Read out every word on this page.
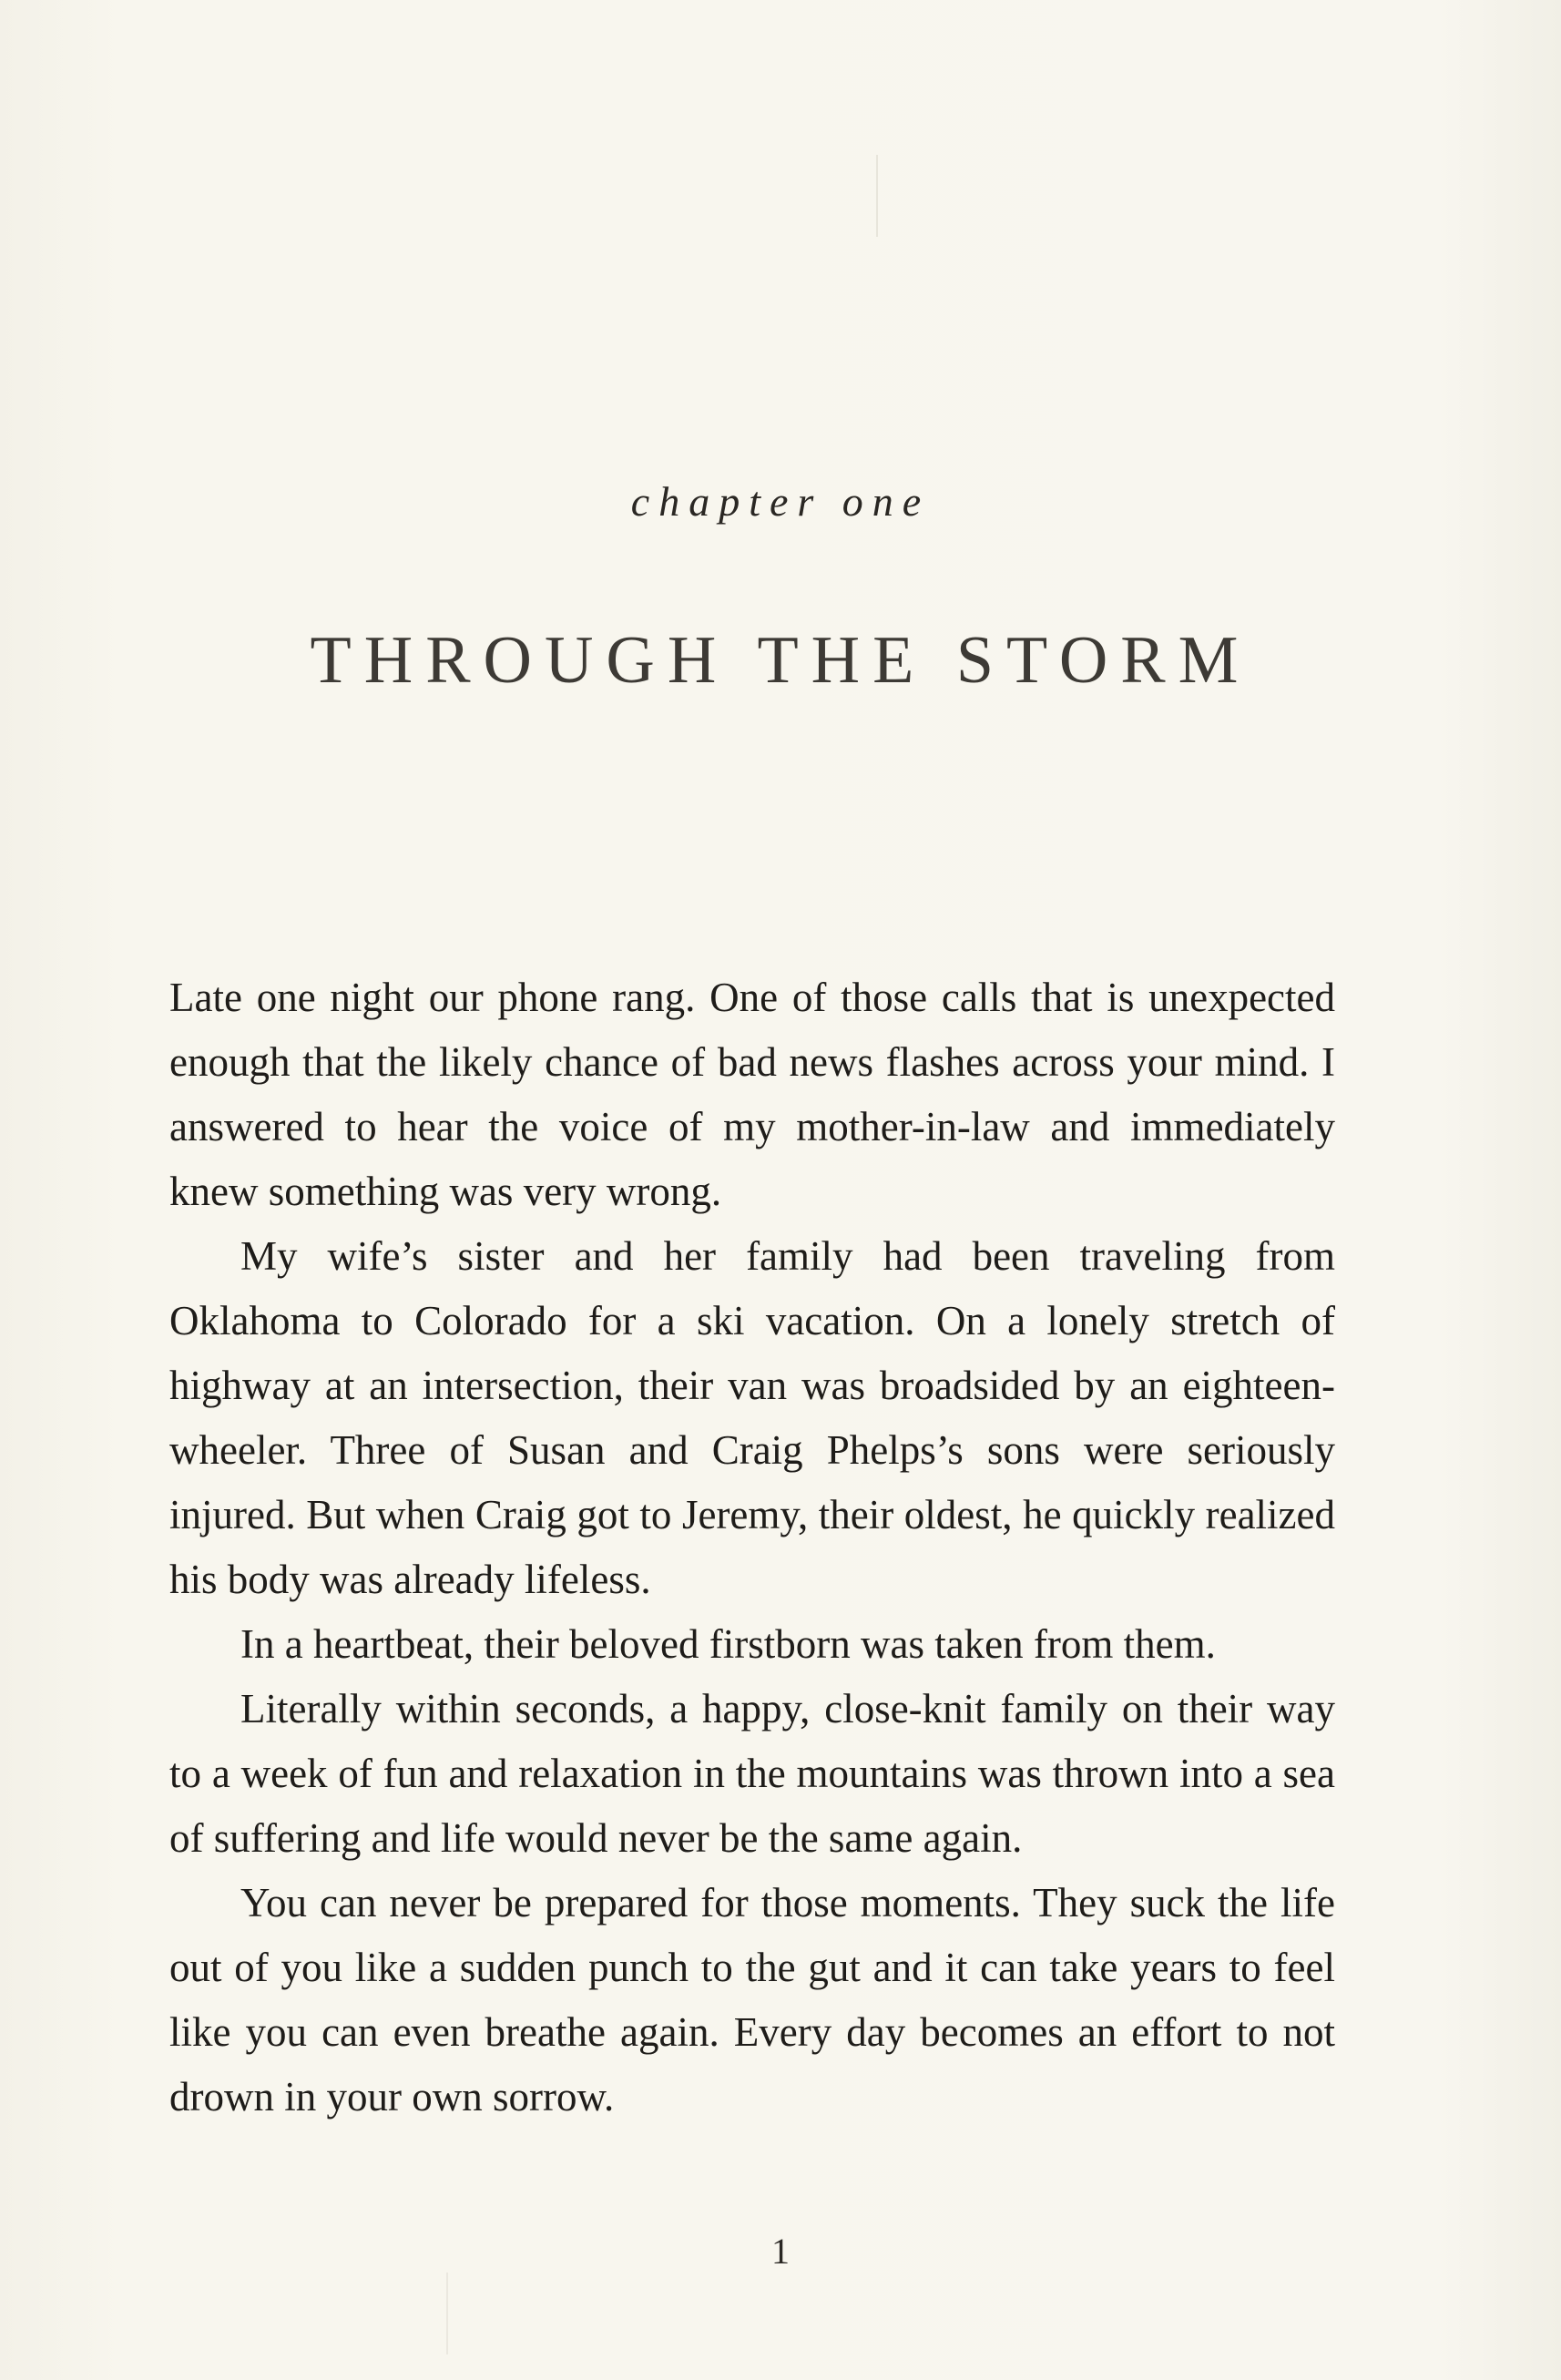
chapter one
THROUGH THE STORM

Late one night our phone rang. One of those calls that is unexpected enough that the likely chance of bad news flashes across your mind. I answered to hear the voice of my mother-in-law and immediately knew something was very wrong.

My wife’s sister and her family had been traveling from Oklahoma to Colorado for a ski vacation. On a lonely stretch of highway at an intersection, their van was broadsided by an eighteen-wheeler. Three of Susan and Craig Phelps’s sons were seriously injured. But when Craig got to Jeremy, their oldest, he quickly realized his body was already lifeless.

In a heartbeat, their beloved firstborn was taken from them.

Literally within seconds, a happy, close-knit family on their way to a week of fun and relaxation in the mountains was thrown into a sea of suffering and life would never be the same again.

You can never be prepared for those moments. They suck the life out of you like a sudden punch to the gut and it can take years to feel like you can even breathe again. Every day becomes an effort to not drown in your own sorrow.

1
